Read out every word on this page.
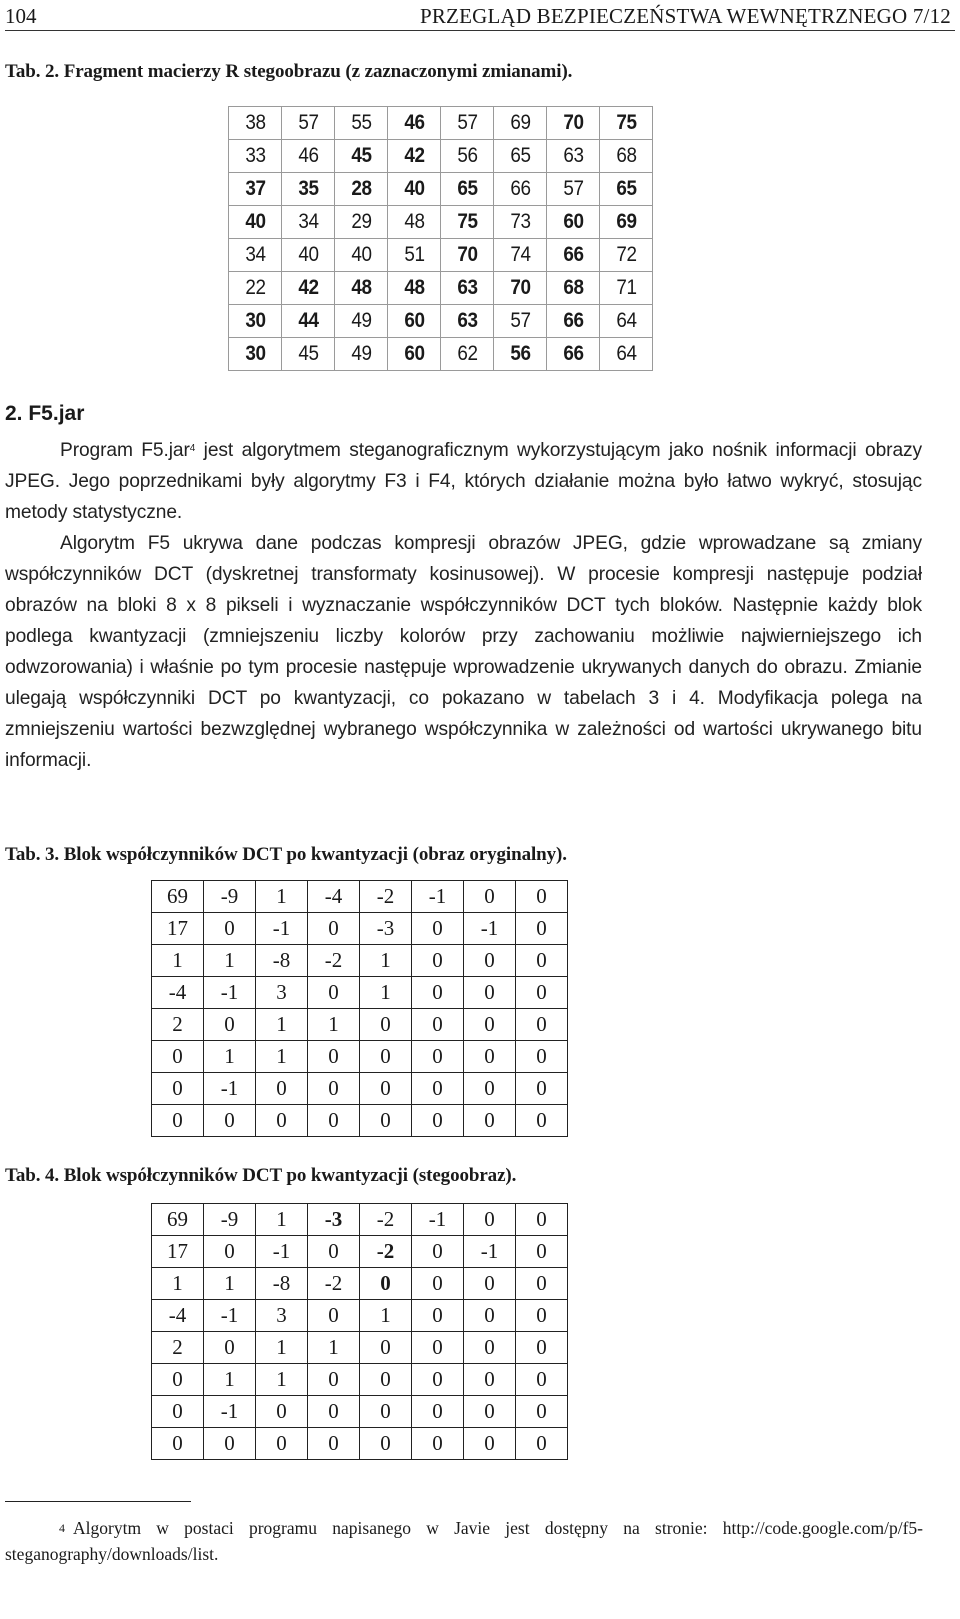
104	PRZEGLĄD BEZPIECZEŃSTWA WEWNĘTRZNEGO 7/12
Tab. 2. Fragment macierzy R stegoobrazu (z zaznaczonymi zmianami).
38	57	55	46	57	69	70	75
33	46	45	42	56	65	63	68
37	35	28	40	65	66	57	65
40	34	29	48	75	73	60	69
34	40	40	51	70	74	66	72
22	42	48	48	63	70	68	71
30	44	49	60	63	57	66	64
30	45	49	60	62	56	66	64
2. F5.jar

Program F5.jar$^4$ jest algorytmem steganograficznym wykorzystującym jako nośnik informacji obrazy JPEG. Jego poprzednikami były algorytmy F3 i F4, których działanie można było łatwo wykryć, stosując metody statystyczne.

Algorytm F5 ukrywa dane podczas kompresji obrazów JPEG, gdzie wprowadzane są zmiany współczynników DCT (dyskretnej transformaty kosinusowej). W procesie kompresji następuje podział obrazów na bloki 8 x 8 pikseli i wyznaczanie współczynników DCT tych bloków. Następnie każdy blok podlega kwantyzacji (zmniejszeniu liczby kolorów przy zachowaniu możliwie najwierniejszego ich odwzorowania) i właśnie po tym procesie następuje wprowadzenie ukrywanych danych do obrazu. Zmianie ulegają współczynniki DCT po kwantyzacji, co pokazano w tabelach 3 i 4. Modyfikacja polega na zmniejszeniu wartości bezwzględnej wybranego współczynnika w zależności od wartości ukrywanego bitu informacji.

Tab. 3. Blok współczynników DCT po kwantyzacji (obraz oryginalny).
69	-9	1	-4	-2	-1	0	0
17	0	-1	0	-3	0	-1	0
1	1	-8	-2	1	0	0	0
-4	-1	3	0	1	0	0	0
2	0	1	1	0	0	0	0
0	1	1	0	0	0	0	0
0	-1	0	0	0	0	0	0
0	0	0	0	0	0	0	0
Tab. 4. Blok współczynników DCT po kwantyzacji (stegoobraz).
69	-9	1	-3	-2	-1	0	0
17	0	-1	0	-2	0	-1	0
1	1	-8	-2	0	0	0	0
-4	-1	3	0	1	0	0	0
2	0	1	1	0	0	0	0
0	1	1	0	0	0	0	0
0	-1	0	0	0	0	0	0
0	0	0	0	0	0	0	0
4 Algorytm w postaci programu napisanego w Javie jest dostępny na stronie: http://code.google.com/p/f5-steganography/downloads/list.
